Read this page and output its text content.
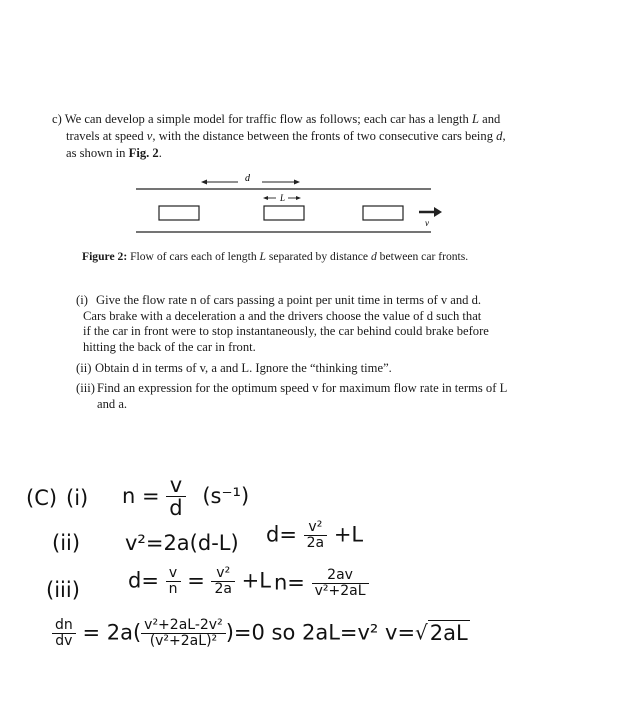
c) We can develop a simple model for traffic flow as follows; each car has a length L and
travels at speed v, with the distance between the fronts of two consecutive cars being d,
as shown in Fig. 2.
d
L
v
Figure 2: Flow of cars each of length L separated by distance d between car fronts.
(i) Give the flow rate n of cars passing a point per unit time in terms of v and d.
Cars brake with a deceleration a and the drivers choose the value of d such that
if the car in front were to stop instantaneously, the car behind could brake before
hitting the back of the car in front.
(ii) Obtain d in terms of v, a and L. Ignore the “thinking time”.
(iii) Find an expression for the optimum speed v for maximum flow rate in terms of L
and a.
(C) (i) $n = \frac{v}{d} (s^{-1})$
(ii) v²=2a(d-L) $d= \frac{\text{v²}}{2a} +L$
(iii) $d= \frac{v}{n} = \frac{\text{v²}}{2a} +L$ $n= \frac{2av}{\text{v²+2aL}}$
$\frac{dn}{dv} = 2a( \frac{\text{v²+2aL-2v²}}{\text{(v²+2aL)²}} )=0$ so 2aL=v² v=√2aL
